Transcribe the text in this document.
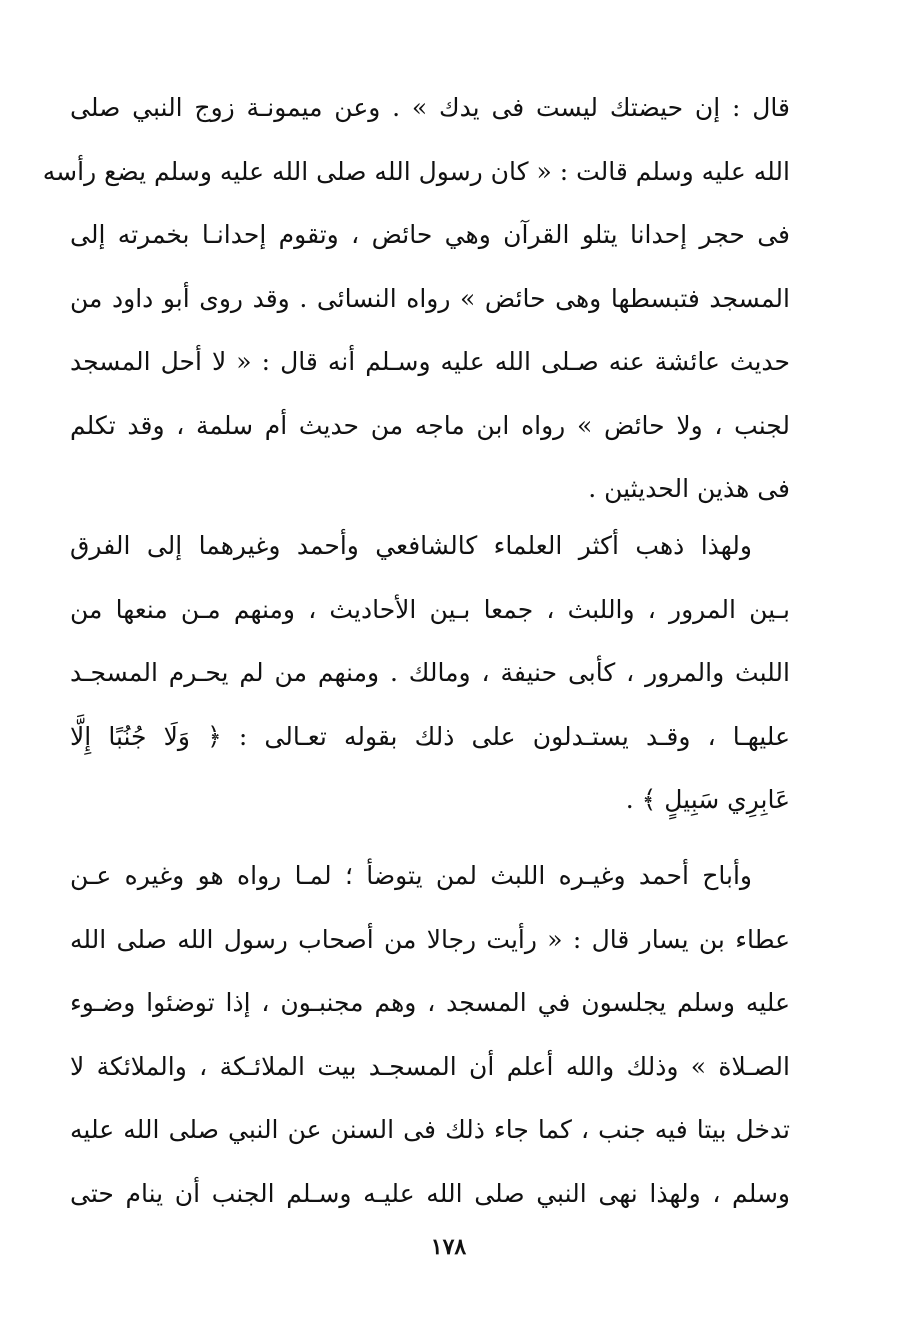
قال : إن حيضتك ليست فى يدك » . وعن ميمونـة زوج النبي صلى
الله عليه وسلم قالت : « كان رسول الله صلى الله عليه وسلم يضع رأسه
فى حجر إحدانا يتلو القرآن وهي حائض ، وتقوم إحدانـا بخمرته إلى
المسجد فتبسطها وهى حائض » رواه النسائى . وقد روى أبو داود من
حديث عائشة عنه صـلى الله عليه وسـلم أنه قال : « لا أحل المسجد
لجنب ، ولا حائض » رواه ابن ماجه من حديث أم سلمة ، وقد تكلم
فى هذين الحديثين .
ولهذا ذهب أكثر العلماء كالشافعي وأحمد وغيرهما إلى الفرق
بـين المرور ، واللبث ، جمعا بـين الأحاديث ، ومنهم مـن منعها من
اللبث والمرور ، كأبى حنيفة ، ومالك . ومنهم من لم يحـرم المسجـد
عليهـا ، وقـد يستـدلون على ذلك بقوله تعـالى : ﴿ وَلَا جُنُبًا إِلَّا
عَابِرِي سَبِيلٍ ﴾ .
وأباح أحمد وغيـره اللبث لمن يتوضأ ؛ لمـا رواه هو وغيره عـن
عطاء بن يسار قال : « رأيت رجالا من أصحاب رسول الله صلى الله
عليه وسلم يجلسون في المسجد ، وهم مجنبـون ، إذا توضئوا وضـوء
الصـلاة » وذلك والله أعلم أن المسجـد بيت الملائـكة ، والملائكة لا
تدخل بيتا فيه جنب ، كما جاء ذلك فى السنن عن النبي صلى الله عليه
وسلم ، ولهذا نهى النبي صلى الله عليـه وسـلم الجنب أن ينام حتى
١٧٨
